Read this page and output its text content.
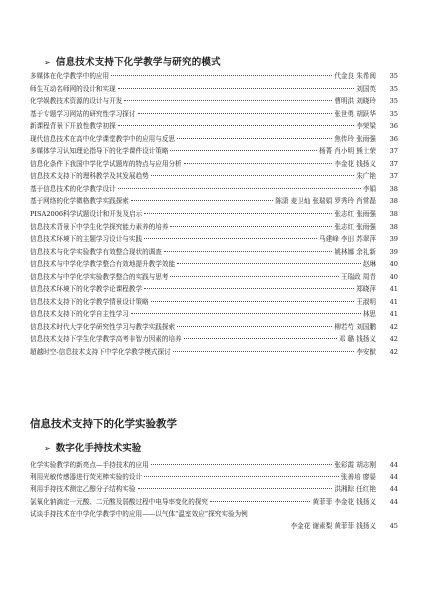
➢ 信息技术支持下化学教学与研究的模式
多媒体在化学教学中的应用	代金良 朱希阅	35
师生互动名师网的设计和实现	刘国英	35
化学娱教技术资源的设计与开发	曹明洪 刘晓玲	35
基于专题学习网站的研究性学习探讨	张世勇 胡跃华	35
新课程背景下开放性教学初探	李荣梁	36
现代信息技术在高中化学课堂教学中的应用与反思	焦传玲 张雨强	36
多媒体学习认知理论指导下的化学课件设计策略	杨菁 肖小明 熊士荣	37
信息化条件下我国中学化学试题库的特点与应用分析	李金花 钱扬义	37
信息技术支持下的理科教学及其发展趋势	朱广艳	37
基于信息技术的化学教学设计	李娟	38
基于网络的化学微格教学实践探索	陈潇 麦卫灿 张瑞娟 罗秀玲 肖常磊	38
PISA2006科学试题设计和开发及启示	张志红 张雨强	38
信息技术背景下中学生化学探究能力素养的培养	张志红 张雨强	38
信息技术环境下的主题学习设计与实践	马建峰 李田 苏翠萍	39
信息技术与化学实验教学有效整合现状的调查	姚林娜 余礼新	39
信息技术与中学化学教学整合有效地提升教学效能	赵琳	40
信息技术与中学化学实验教学整合的实践与思考	王瑞政 周青	40
信息技术环境下的化学教学论课程教学	郑晓萍	41
信息技术支持下的化学教学情景设计策略	王淑明	41
信息技术支持下的化学自主性学习	林思	41
信息技术时代大学化学研究性学习与教学实践探索	柳若芍 刘国鹏	42
信息技术支持下学生化学教学高考非智力因素的培养	邓 璐 钱扬义	42
超越时空-信息技术支持下中学化学教学模式探讨	李安猷	42
信息技术支持下的化学实验教学
➢ 数字化手持技术实验
化学实验教学的新亮点—手持技术的应用	张彩霞 胡志刚	44
利用光敏传感器进行荧光棒实验的设计	张善培 廖晏	44
利用手持技术测定乙醇分子结构实验	洪湘踪 任红艳	44
氯氧化钠滴定一元酸、二元酸及弱酸过程中电导率变化的探究	黄菲菲 李金花 钱扬义	44
试谈手持技术在中学化学教学中的应用——以气体“温室效应”探究实验为例
李金花 谢素梨 黄菲菲 钱扬义	45
